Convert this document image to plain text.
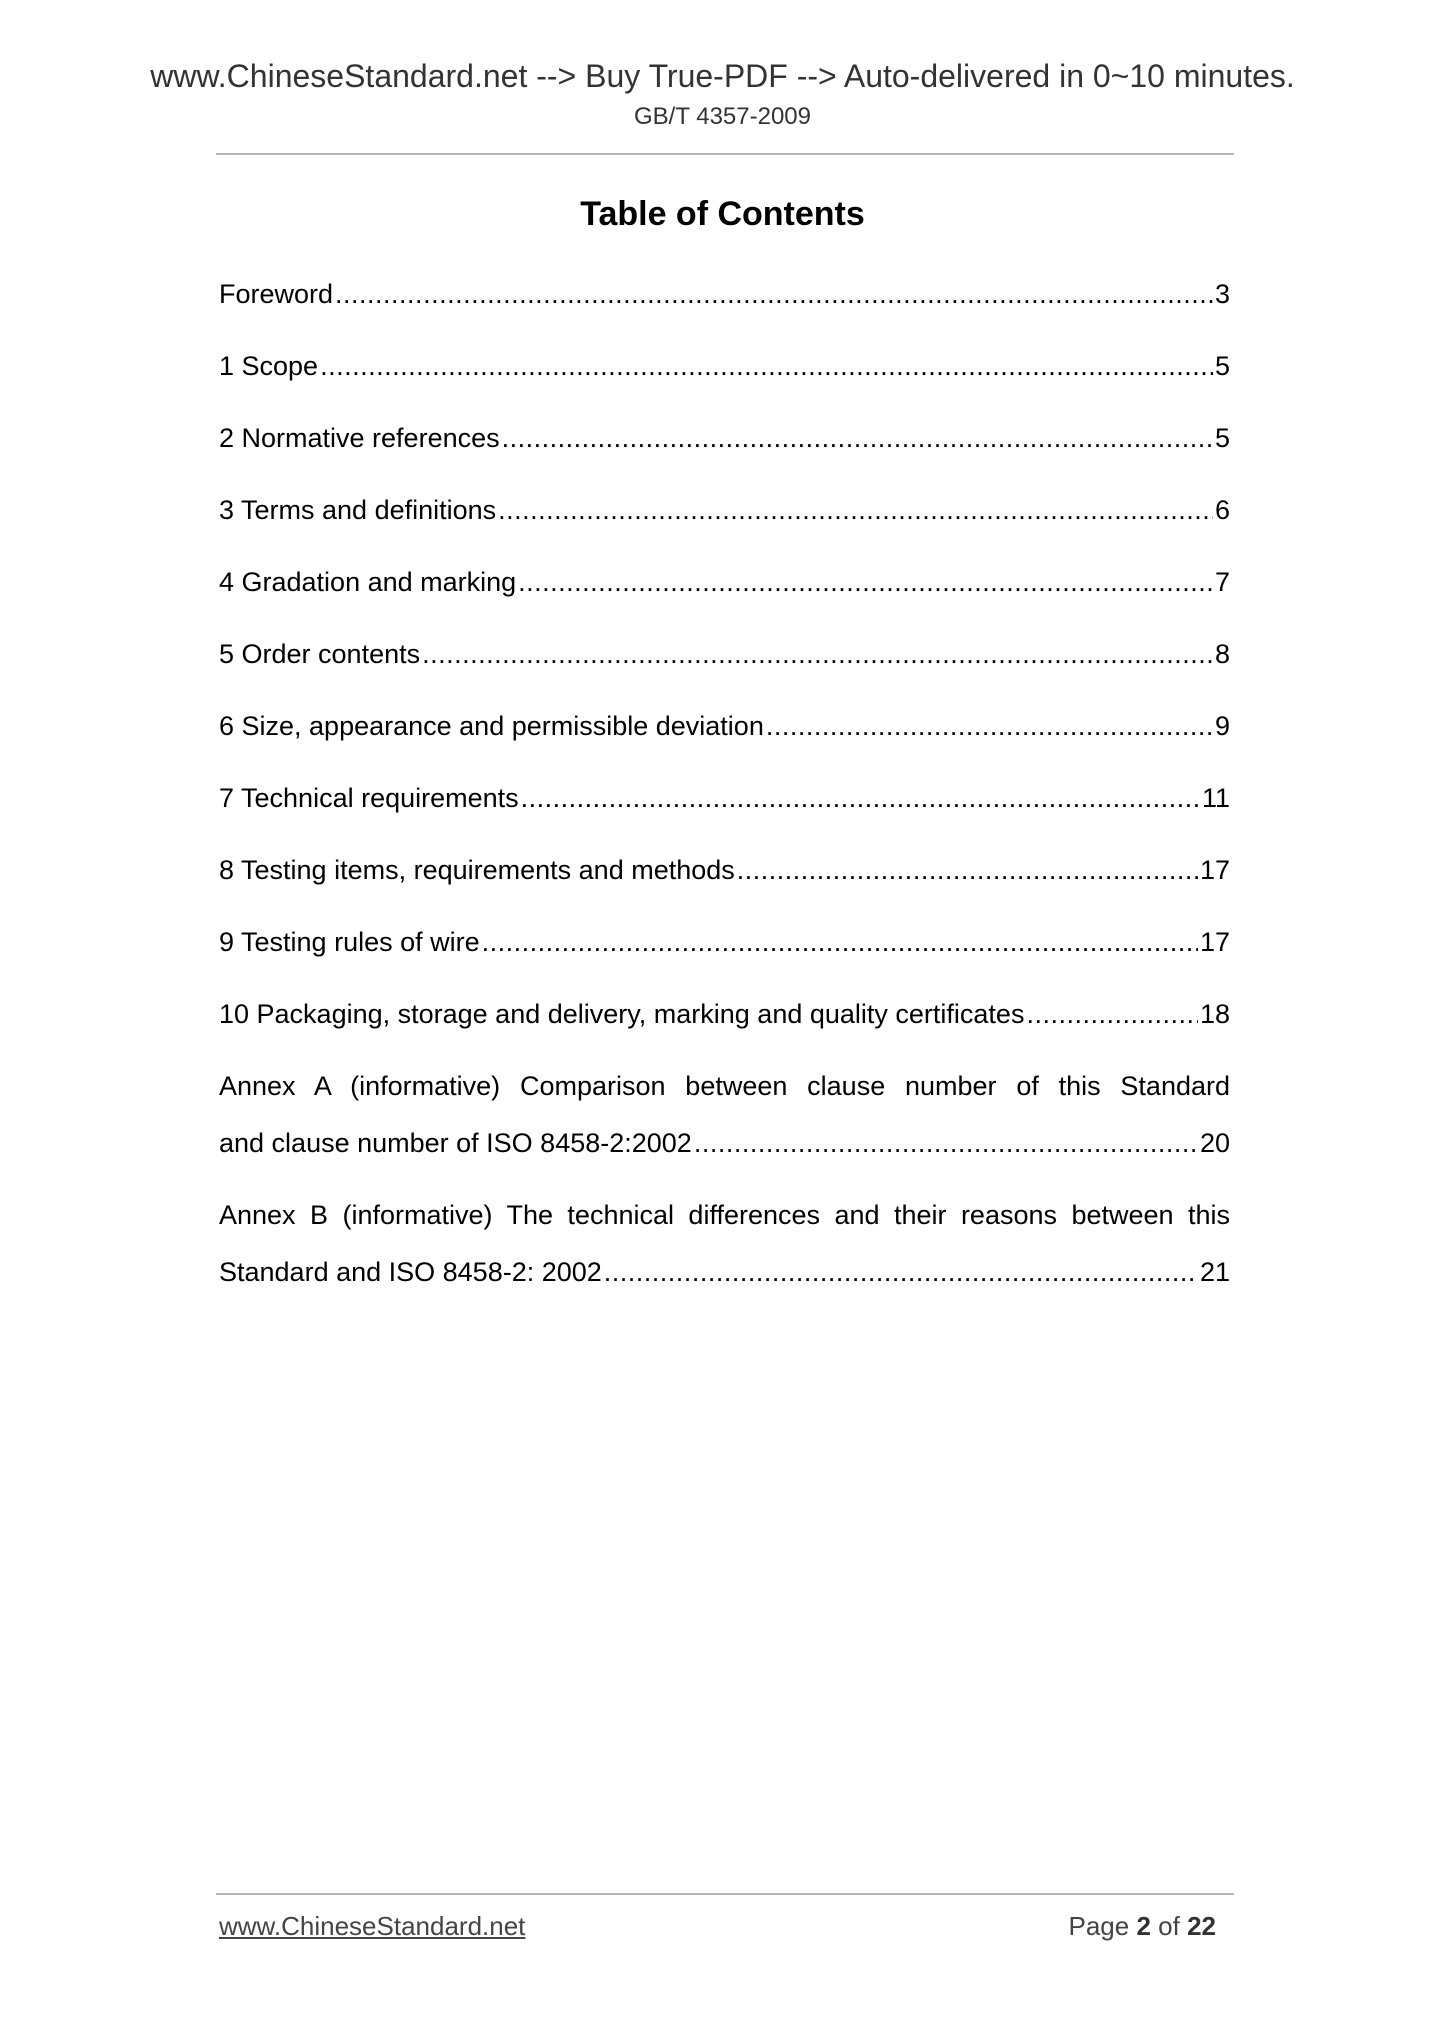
www.ChineseStandard.net --> Buy True-PDF --> Auto-delivered in 0~10 minutes.
GB/T 4357-2009
Table of Contents
Foreword .....	3
1 Scope .....	5
2 Normative references .....	5
3 Terms and definitions .....	6
4 Gradation and marking .....	7
5 Order contents .....	8
6 Size, appearance and permissible deviation .....	9
7 Technical requirements .....	11
8 Testing items, requirements and methods .....	17
9 Testing rules of wire .....	17
10 Packaging, storage and delivery, marking and quality certificates .....	18
Annex A (informative) Comparison between clause number of this Standard
and clause number of ISO 8458-2:2002 .....	20
Annex B (informative) The technical differences and their reasons between this
Standard and ISO 8458-2: 2002 .....	21
www.ChineseStandard.net	Page 2 of 22
